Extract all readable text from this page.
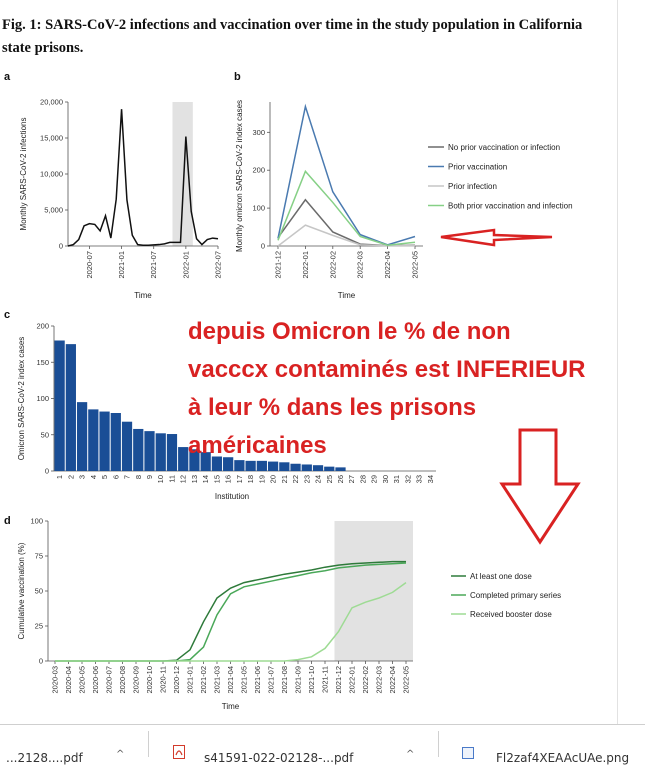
Fig. 1: SARS-CoV-2 infections and vaccination over time in the study population in California state prisons.
a
0
5,000
10,000
15,000
20,000
2020-07	2021-01	2021-07	2022-01	2022-07
Time
Monthly SARS-CoV-2 infections
b
0
100
200
300
2021-12 2022-01 2022-02 2022-03 2022-04 2022-05
No prior vaccination or infection
Prior vaccination
Prior infection
Both prior vaccination and infection
Time
Monthly omicron SARS-CoV-2 index cases
c
0
50
100
150
200
1 2 3 4 5 6 7 8 9 10 11 12 13 14 15 16 17 18 19 20 21 22 23 24 25 26 27 28 29 30 31 32 33 34
Institution
Omicron SARS-CoV-2 index cases
d
0
25
50
75
100
2020-03 2020-04 2020-05 2020-06 2020-07 2020-08 2020-09 2020-10 2020-11 2020-12 2021-01 2021-02 2021-03 2021-04 2021-05 2021-06 2021-07 2021-08 2021-09 2021-10 2021-11 2021-12 2022-01 2022-02 2022-03 2022-04 2022-05
At least one dose
Completed primary series
Received booster dose
Time
Cumulative vaccination (%)
depuis Omicron le % de non
vacccx contaminés est INFERIEUR
à leur % dans les prisons
américaines
...2128....pdf	^	s41591-022-02128-...pdf	^	Fl2zaf4XEAAcUAe.png
